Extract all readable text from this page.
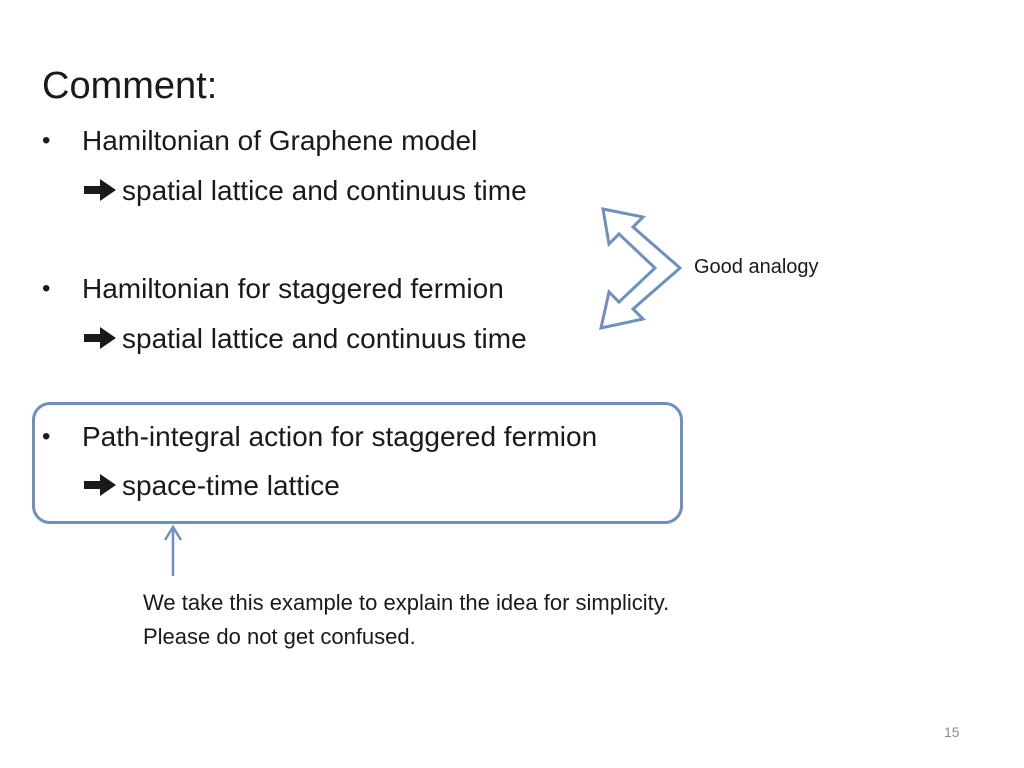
Comment:
• Hamiltonian of Graphene model
spatial lattice and continuus time
• Hamiltonian for staggered fermion
spatial lattice and continuus time
• Path-integral action for staggered fermion
space-time lattice
Good analogy
We take this example to explain the idea for simplicity.
Please do not get confused.
15
